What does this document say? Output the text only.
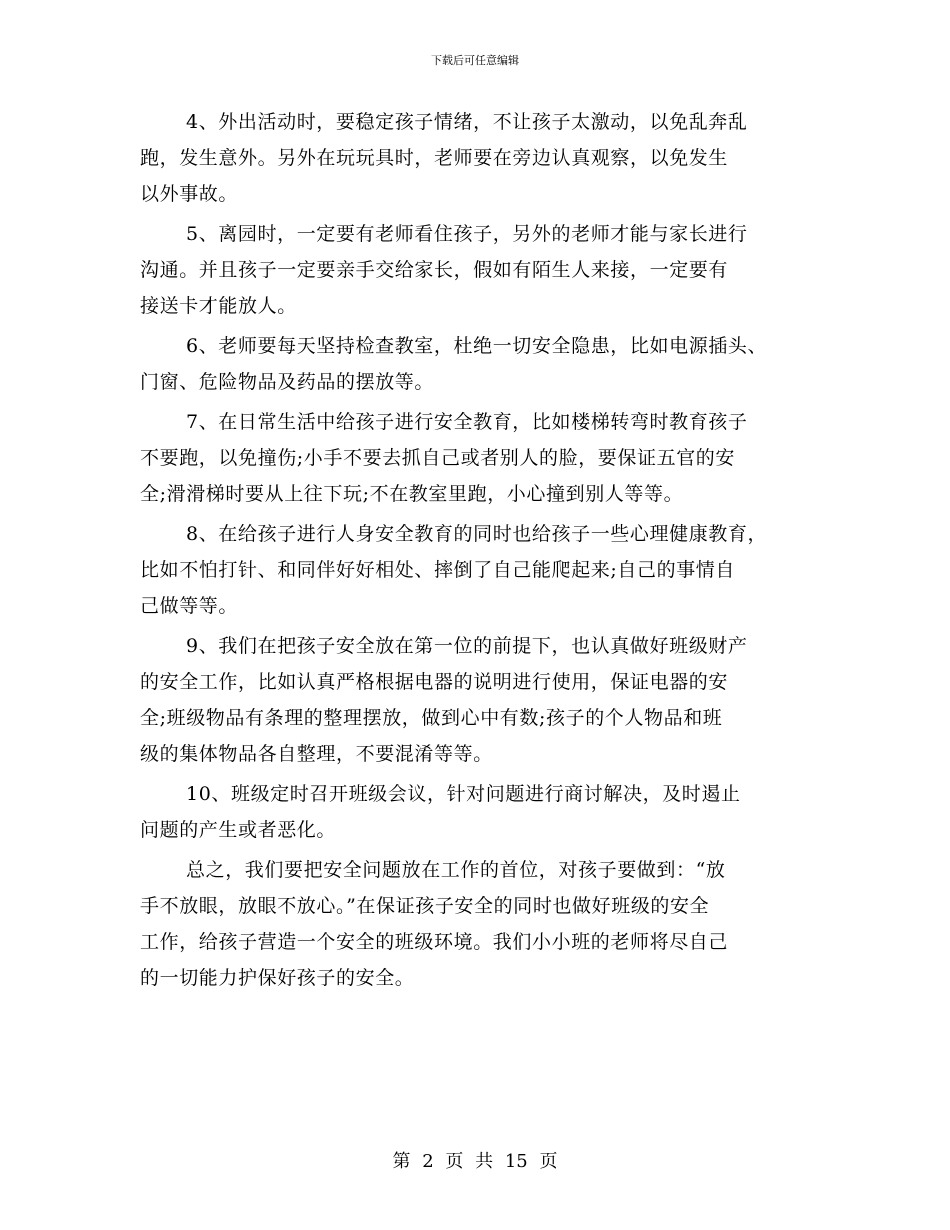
下载后可任意编辑
4、外出活动时，要稳定孩子情绪，不让孩子太激动，以免乱奔乱
跑，发生意外。另外在玩玩具时，老师要在旁边认真观察，以免发生
以外事故。
5、离园时，一定要有老师看住孩子，另外的老师才能与家长进行
沟通。并且孩子一定要亲手交给家长，假如有陌生人来接，一定要有
接送卡才能放人。
6、老师要每天坚持检查教室，杜绝一切安全隐患，比如电源插头、
门窗、危险物品及药品的摆放等。
7、在日常生活中给孩子进行安全教育，比如楼梯转弯时教育孩子
不要跑，以免撞伤;小手不要去抓自己或者别人的脸，要保证五官的安
全;滑滑梯时要从上往下玩;不在教室里跑，小心撞到别人等等。
8、在给孩子进行人身安全教育的同时也给孩子一些心理健康教育，
比如不怕打针、和同伴好好相处、摔倒了自己能爬起来;自己的事情自
己做等等。
9、我们在把孩子安全放在第一位的前提下，也认真做好班级财产
的安全工作，比如认真严格根据电器的说明进行使用，保证电器的安
全;班级物品有条理的整理摆放，做到心中有数;孩子的个人物品和班
级的集体物品各自整理，不要混淆等等。
10、班级定时召开班级会议，针对问题进行商讨解决，及时遏止
问题的产生或者恶化。
总之，我们要把安全问题放在工作的首位，对孩子要做到：“放
手不放眼，放眼不放心。”在保证孩子安全的同时也做好班级的安全
工作，给孩子营造一个安全的班级环境。我们小小班的老师将尽自己
的一切能力护保好孩子的安全。
第 2 页 共 15 页
